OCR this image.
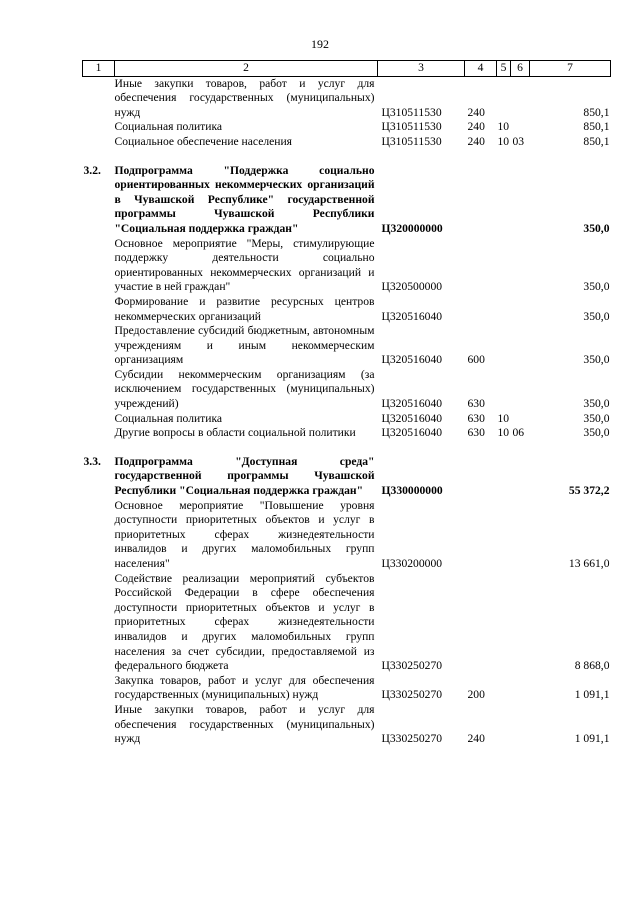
192
1	2	3	4	5	6	7
	Иные закупки товаров, работ и услуг для обеспечения государственных (муниципальных) нужд	Ц310511530	240			850,1
	Социальная политика	Ц310511530	240	10		850,1
	Социальное обеспечение населения	Ц310511530	240	10	03	850,1

3.2.	Подпрограмма "Поддержка социально ориентированных некоммерческих организаций в Чувашской Республике" государственной программы Чувашской Республики "Социальная поддержка граждан"	Ц320000000				350,0
	Основное мероприятие "Меры, стимулирующие поддержку деятельности социально ориентированных некоммерческих организаций и участие в ней граждан"	Ц320500000				350,0
	Формирование и развитие ресурсных центров некоммерческих организаций	Ц320516040				350,0
	Предоставление субсидий бюджетным, автономным учреждениям и иным некоммерческим организациям	Ц320516040	600			350,0
	Субсидии некоммерческим организациям (за исключением государственных (муниципальных) учреждений)	Ц320516040	630			350,0
	Социальная политика	Ц320516040	630	10		350,0
	Другие вопросы в области социальной политики	Ц320516040	630	10	06	350,0

3.3.	Подпрограмма "Доступная среда" государственной программы Чувашской Республики "Социальная поддержка граждан"	Ц330000000				55 372,2
	Основное мероприятие "Повышение уровня доступности приоритетных объектов и услуг в приоритетных сферах жизнедеятельности инвалидов и других маломобильных групп населения"	Ц330200000				13 661,0
	Содействие реализации мероприятий субъектов Российской Федерации в сфере обеспечения доступности приоритетных объектов и услуг в приоритетных сферах жизнедеятельности инвалидов и других маломобильных групп населения за счет субсидии, предоставляемой из федерального бюджета	Ц330250270				8 868,0
	Закупка товаров, работ и услуг для обеспечения государственных (муниципальных) нужд	Ц330250270	200			1 091,1
	Иные закупки товаров, работ и услуг для обеспечения государственных (муниципальных) нужд	Ц330250270	240			1 091,1
